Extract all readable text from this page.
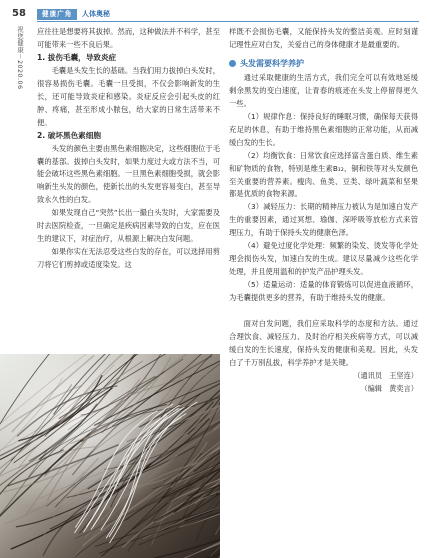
58
祝您健康－2020.06
健康广角	人体奥秘

应往往是想要将其拔掉。然而，这种做法并不科学，甚至可能带来一些不良后果。

1. 拔伤毛囊，导致炎症

毛囊是头发生长的基础。当我们用力拔掉白头发时，很容易损伤毛囊。毛囊一旦受损，不仅会影响新发的生长，还可能导致炎症和感染。炎症反应会引起头皮的红肿、疼痛，甚至形成小脓包，给大家的日常生活带来不便。

2. 破坏黑色素细胞

头发的颜色主要由黑色素细胞决定，这些细胞位于毛囊的基部。拔掉白头发时，如果力度过大或方法不当，可能会破坏这些黑色素细胞。一旦黑色素细胞受损，就会影响新生头发的颜色，使新长出的头发更容易变白，甚至导致永久性的白发。

如果发现自己“突然”长出一撮白头发时，大家需要及时去医院检查，一旦确定是疾病因素导致的白发，应在医生的建议下，对症治疗，从根源上解决白发问题。

如果你实在无法忍受这些白发的存在，可以选择用剪刀将它们剪掉或适度染发。这

样既不会损伤毛囊，又能保持头发的整洁美观。应时刻谨记理性应对白发，关爱自己的身体健康才是最重要的。

头发需要科学养护

通过采取健康的生活方式，我们完全可以有效地延缓剩余黑发的变白速度，让青春的痕迹在头发上停留得更久一些。

（1）规律作息：保持良好的睡眠习惯，确保每天获得充足的休息，有助于维持黑色素细胞的正常功能，从而减缓白发的生长。

（2）均衡饮食：日常饮食应选择富含蛋白质、维生素和矿物质的食物，特别是维生素B₁₂、铜和铁等对头发颜色至关重要的营养素。瘦肉、鱼类、豆类、绿叶蔬菜和坚果都是优质的食物来源。

（3）减轻压力：长期的精神压力被认为是加速白发产生的重要因素，通过冥想、瑜伽、深呼吸等放松方式来管理压力，有助于保持头发的健康色泽。

（4）避免过度化学处理：频繁的染发、烫发等化学处理会损伤头发，加速白发的生成。建议尽量减少这些化学处理，并且使用温和的护发产品护理头发。

（5）适量运动：适量的体育锻炼可以促进血液循环，为毛囊提供更多的营养，有助于维持头发的健康。

面对白发问题，我们应采取科学的态度和方法。通过合理饮食、减轻压力、及时治疗相关疾病等方式，可以减缓白发的生长速度，保持头发的健康和美观。因此，头发白了千万别乱拔，科学养护才是关键。

（通讯员　王坚连）

（编辑　黄奕言）
